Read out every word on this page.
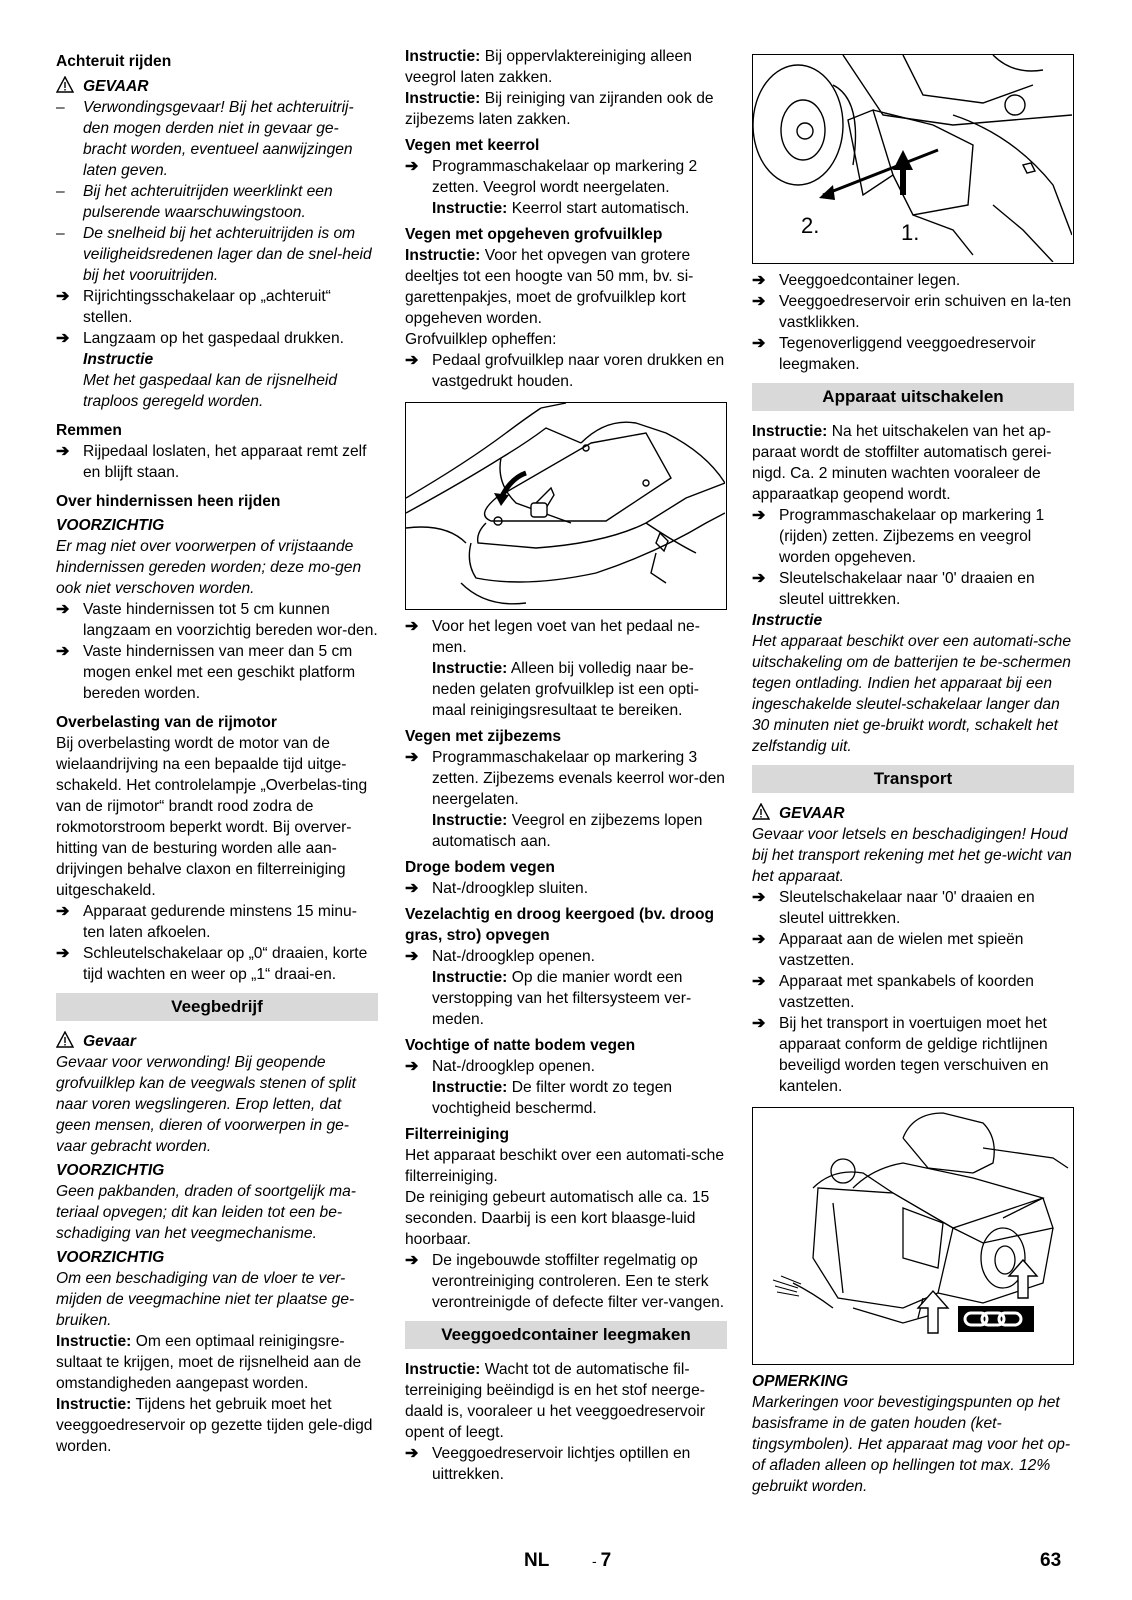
Achteruit rijden

GEVAAR

– Verwondingsgevaar! Bij het achteruitrij-den mogen derden niet in gevaar ge-bracht worden, eventueel aanwijzingen laten geven.

– Bij het achteruitrijden weerklinkt een pulserende waarschuwingstoon.

– De snelheid bij het achteruitrijden is om veiligheidsredenen lager dan de snel-heid bij het vooruitrijden.

➔ Rijrichtingsschakelaar op „achteruit“ stellen.

➔ Langzaam op het gaspedaal drukken.

Instructie

Met het gaspedaal kan de rijsnelheid traploos geregeld worden.

Remmen

➔ Rijpedaal loslaten, het apparaat remt zelf en blijft staan.

Over hindernissen heen rijden

VOORZICHTIG

Er mag niet over voorwerpen of vrijstaande hindernissen gereden worden; deze mo-gen ook niet verschoven worden.

➔ Vaste hindernissen tot 5 cm kunnen langzaam en voorzichtig bereden wor-den.

➔ Vaste hindernissen van meer dan 5 cm mogen enkel met een geschikt platform bereden worden.

Overbelasting van de rijmotor

Bij overbelasting wordt de motor van de wielaandrijving na een bepaalde tijd uitge-schakeld. Het controlelampje „Overbelas-ting van de rijmotor“ brandt rood zodra de rokmotorstroom beperkt wordt. Bij overver-hitting van de besturing worden alle aan-drijvingen behalve claxon en filterreiniging uitgeschakeld.

➔ Apparaat gedurende minstens 15 minu-ten laten afkoelen.

➔ Schleutelschakelaar op „0“ draaien, korte tijd wachten en weer op „1“ draai-en.

Veegbedrijf

Gevaar

Gevaar voor verwonding! Bij geopende grofvuilklep kan de veegwals stenen of split naar voren wegslingeren. Erop letten, dat geen mensen, dieren of voorwerpen in ge-vaar gebracht worden.

VOORZICHTIG

Geen pakbanden, draden of soortgelijk ma-teriaal opvegen; dit kan leiden tot een be-schadiging van het veegmechanisme.

VOORZICHTIG

Om een beschadiging van de vloer te ver-mijden de veegmachine niet ter plaatse ge-bruiken.

Instructie: Om een optimaal reinigingsre-sultaat te krijgen, moet de rijsnelheid aan de omstandigheden aangepast worden.

Instructie: Tijdens het gebruik moet het veeggoedreservoir op gezette tijden gele-digd worden.

Instructie: Bij oppervlaktereiniging alleen veegrol laten zakken.

Instructie: Bij reiniging van zijranden ook de zijbezems laten zakken.

Vegen met keerrol

➔ Programmaschakelaar op markering 2 zetten. Veegrol wordt neergelaten.

Instructie: Keerrol start automatisch.

Vegen met opgeheven grofvuilklep

Instructie: Voor het opvegen van grotere deeltjes tot een hoogte van 50 mm, bv. si-garettenpakjes, moet de grofvuilklep kort opgeheven worden.

Grofvuilklep opheffen:

➔ Pedaal grofvuilklep naar voren drukken en vastgedrukt houden.

➔ Voor het legen voet van het pedaal ne-men.

Instructie: Alleen bij volledig naar be-neden gelaten grofvuilklep ist een opti-maal reinigingsresultaat te bereiken.

Vegen met zijbezems

➔ Programmaschakelaar op markering 3 zetten. Zijbezems evenals keerrol wor-den neergelaten.

Instructie: Veegrol en zijbezems lopen automatisch aan.

Droge bodem vegen

➔ Nat-/droogklep sluiten.

Vezelachtig en droog keergoed (bv. droog gras, stro) opvegen

➔ Nat-/droogklep openen.

Instructie: Op die manier wordt een verstopping van het filtersysteem ver-meden.

Vochtige of natte bodem vegen

➔ Nat-/droogklep openen.

Instructie: De filter wordt zo tegen vochtigheid beschermd.

Filterreiniging

Het apparaat beschikt over een automati-sche filterreiniging.

De reiniging gebeurt automatisch alle ca. 15 seconden. Daarbij is een kort blaasge-luid hoorbaar.

➔ De ingebouwde stoffilter regelmatig op verontreiniging controleren. Een te sterk verontreinigde of defecte filter ver-vangen.

Veeggoedcontainer leegmaken

Instructie: Wacht tot de automatische fil-terreiniging beëindigd is en het stof neerge-daald is, vooraleer u het veeggoedreservoir opent of leegt.

➔ Veeggoedreservoir lichtjes optillen en uittrekken.

2.	1.

➔ Veeggoedcontainer legen.

➔ Veeggoedreservoir erin schuiven en la-ten vastklikken.

➔ Tegenoverliggend veeggoedreservoir leegmaken.

Apparaat uitschakelen

Instructie: Na het uitschakelen van het ap-paraat wordt de stoffilter automatisch gerei-nigd. Ca. 2 minuten wachten vooraleer de apparaatkap geopend wordt.

➔ Programmaschakelaar op markering 1 (rijden) zetten. Zijbezems en veegrol worden opgeheven.

➔ Sleutelschakelaar naar '0' draaien en sleutel uittrekken.

Instructie

Het apparaat beschikt over een automati-sche uitschakeling om de batterijen te be-schermen tegen ontlading. Indien het apparaat bij een ingeschakelde sleutel-schakelaar langer dan 30 minuten niet ge-bruikt wordt, schakelt het zelfstandig uit.

Transport

GEVAAR

Gevaar voor letsels en beschadigingen! Houd bij het transport rekening met het ge-wicht van het apparaat.

➔ Sleutelschakelaar naar '0' draaien en sleutel uittrekken.

➔ Apparaat aan de wielen met spieën vastzetten.

➔ Apparaat met spankabels of koorden vastzetten.

➔ Bij het transport in voertuigen moet het apparaat conform de geldige richtlijnen beveiligd worden tegen verschuiven en kantelen.

OPMERKING

Markeringen voor bevestigingspunten op het basisframe in de gaten houden (ket-tingsymbolen). Het apparaat mag voor het op- of afladen alleen op hellingen tot max. 12% gebruikt worden.

NL	- 7	63
